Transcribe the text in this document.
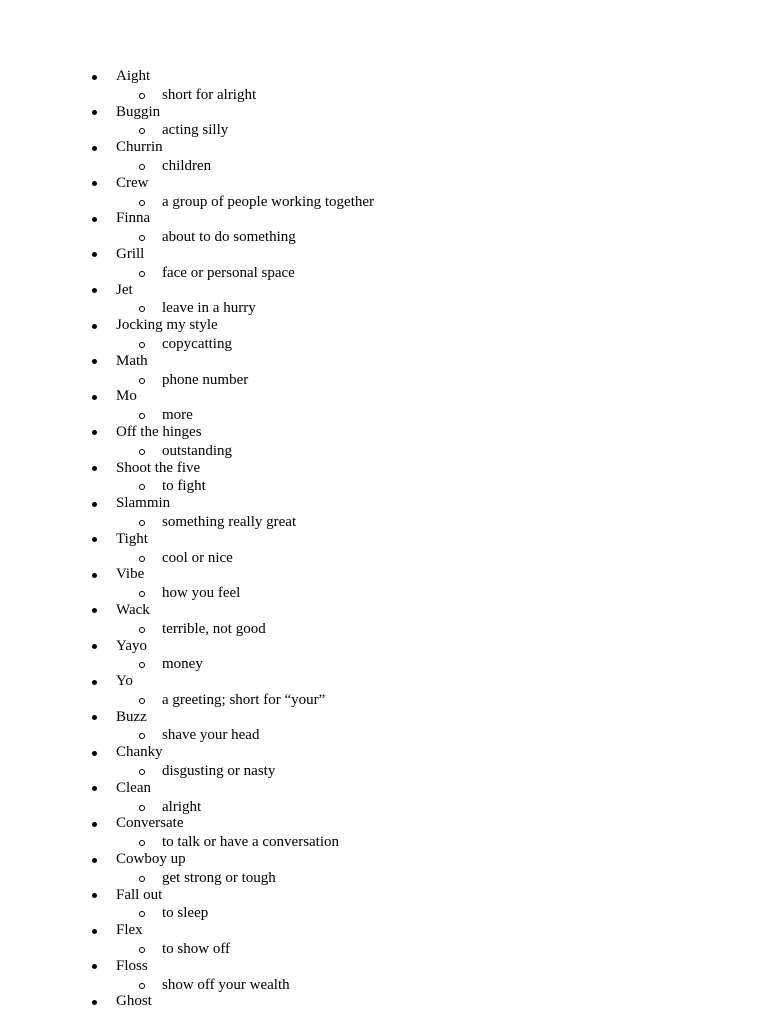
Aight
short for alright
Buggin
acting silly
Churrin
children
Crew
a group of people working together
Finna
about to do something
Grill
face or personal space
Jet
leave in a hurry
Jocking my style
copycatting
Math
phone number
Mo
more
Off the hinges
outstanding
Shoot the five
to fight
Slammin
something really great
Tight
cool or nice
Vibe
how you feel
Wack
terrible, not good
Yayo
money
Yo
a greeting; short for “your”
Buzz
shave your head
Chanky
disgusting or nasty
Clean
alright
Conversate
to talk or have a conversation
Cowboy up
get strong or tough
Fall out
to sleep
Flex
to show off
Floss
show off your wealth
Ghost
